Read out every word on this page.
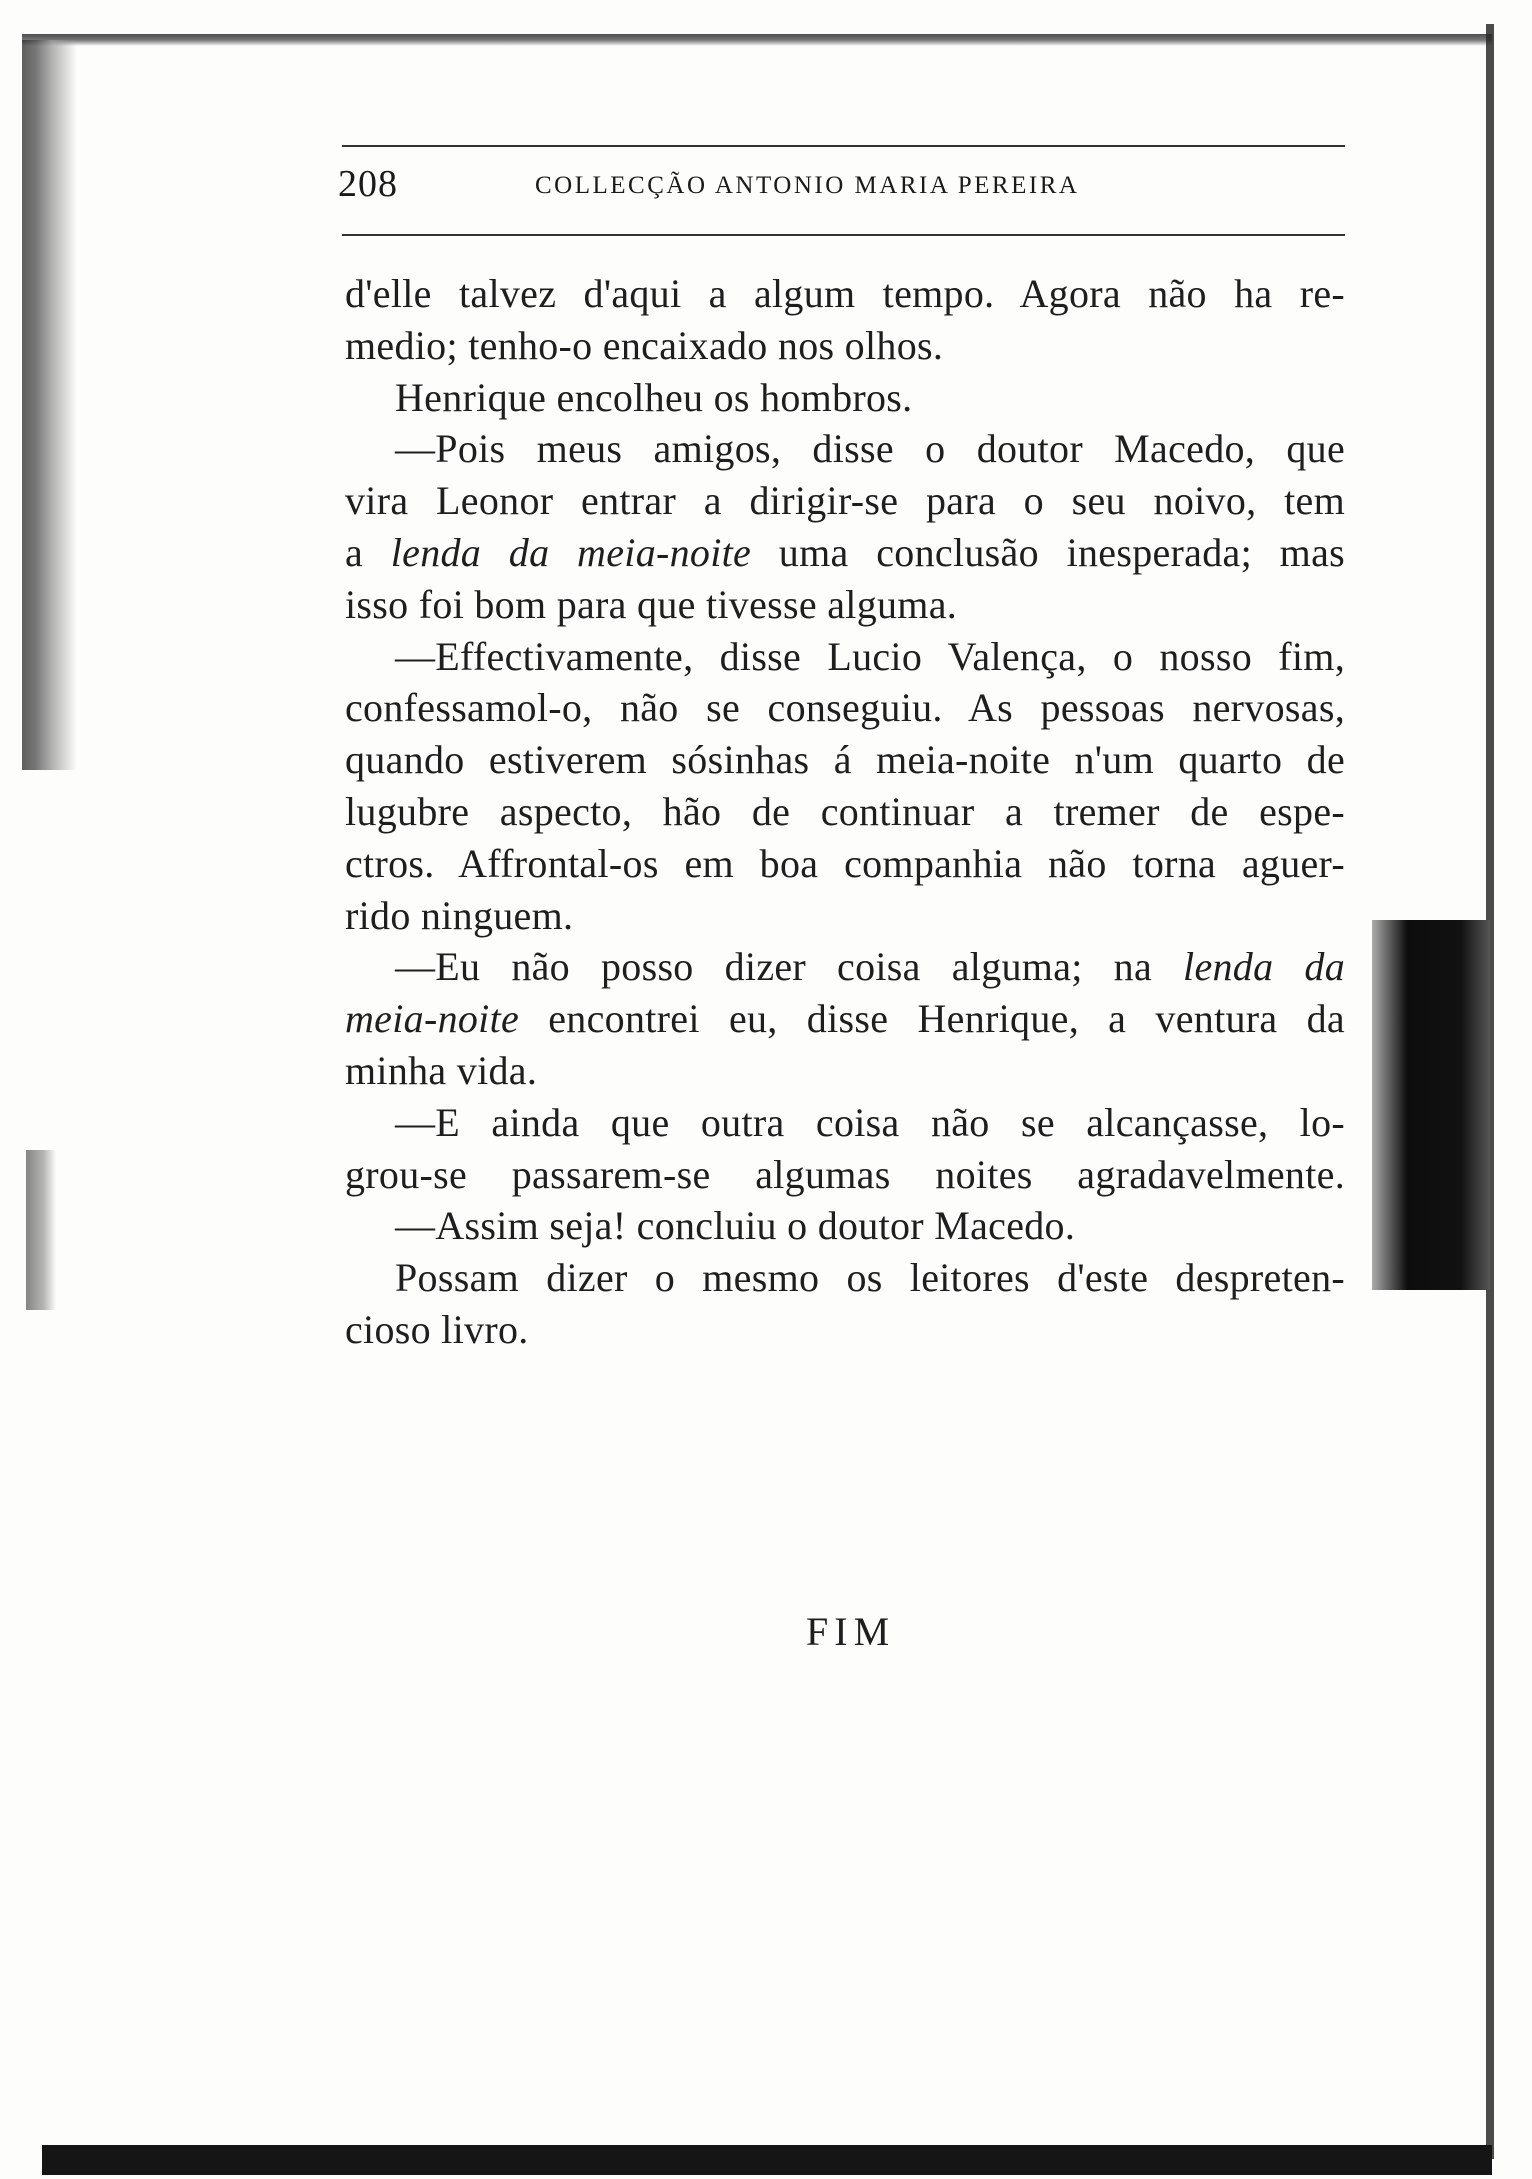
208	COLLECÇÃO ANTONIO MARIA PEREIRA
d'elle talvez d'aqui a algum tempo. Agora não ha re-
medio; tenho-o encaixado nos olhos.
Henrique encolheu os hombros.
—Pois meus amigos, disse o doutor Macedo, que
vira Leonor entrar a dirigir-se para o seu noivo, tem
a lenda da meia-noite uma conclusão inesperada; mas
isso foi bom para que tivesse alguma.
—Effectivamente, disse Lucio Valença, o nosso fim,
confessamol-o, não se conseguiu. As pessoas nervosas,
quando estiverem sósinhas á meia-noite n'um quarto de
lugubre aspecto, hão de continuar a tremer de espe-
ctros. Affrontal-os em boa companhia não torna aguer-
rido ninguem.
—Eu não posso dizer coisa alguma; na lenda da
meia-noite encontrei eu, disse Henrique, a ventura da
minha vida.
—E ainda que outra coisa não se alcançasse, lo-
grou-se passarem-se algumas noites agradavelmente.
—Assim seja! concluiu o doutor Macedo.
Possam dizer o mesmo os leitores d'este despreten-
cioso livro.
FIM
